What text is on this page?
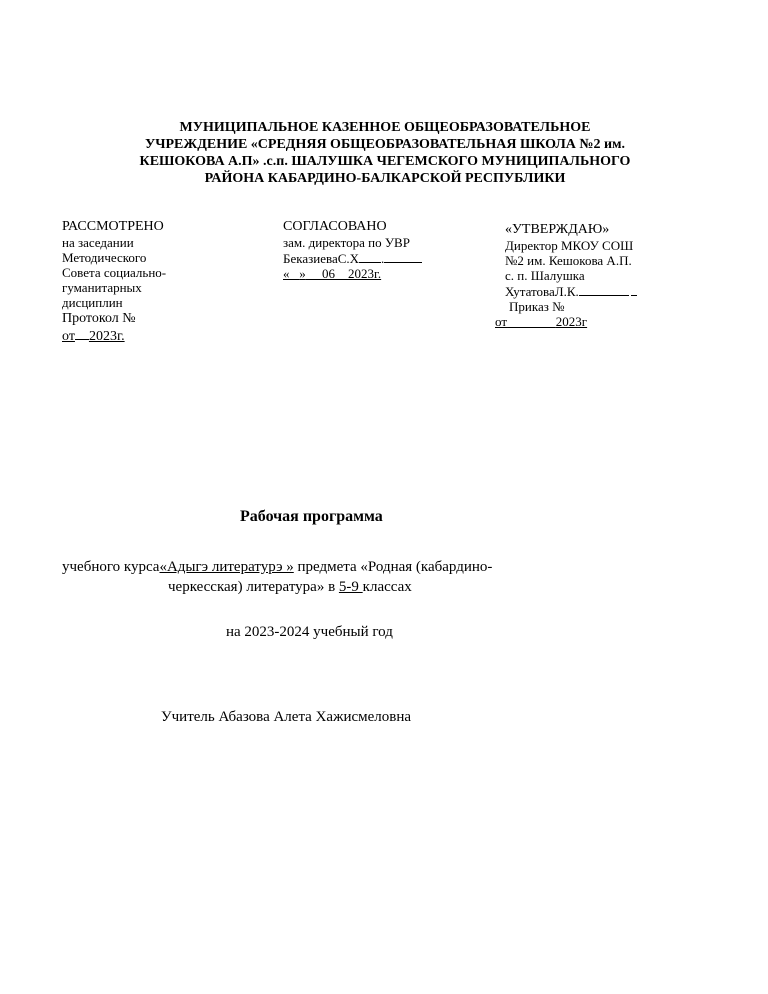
МУНИЦИПАЛЬНОЕ КАЗЕННОЕ ОБЩЕОБРАЗОВАТЕЛЬНОЕ
УЧРЕЖДЕНИЕ «СРЕДНЯЯ ОБЩЕОБРАЗОВАТЕЛЬНАЯ ШКОЛА №2 им.
КЕШОКОВА А.П» .с.п. ШАЛУШКА ЧЕГЕМСКОГО МУНИЦИПАЛЬНОГО
РАЙОНА КАБАРДИНО-БАЛКАРСКОЙ РЕСПУБЛИКИ
РАССМОТРЕНО
на заседании
Методического
Совета социально-
гуманитарных
дисциплин
Протокол №
от 2023г.
СОГЛАСОВАНО
зам. директора по УВР
БеказиеваС.Х .
« » 06 2023г.
«УТВЕРЖДАЮ»
Директор МКОУ СОШ
№2 им. Кешокова А.П.
с. п. Шалушка
ХутатоваЛ.К.
Приказ №
от	2023г
Рабочая программа
учебного курса«Адыгэ литературэ » предмета «Родная (кабардино-
черкесская) литература» в 5-9 классах
на 2023-2024 учебный год
Учитель Абазова Алета Хажисмеловна
